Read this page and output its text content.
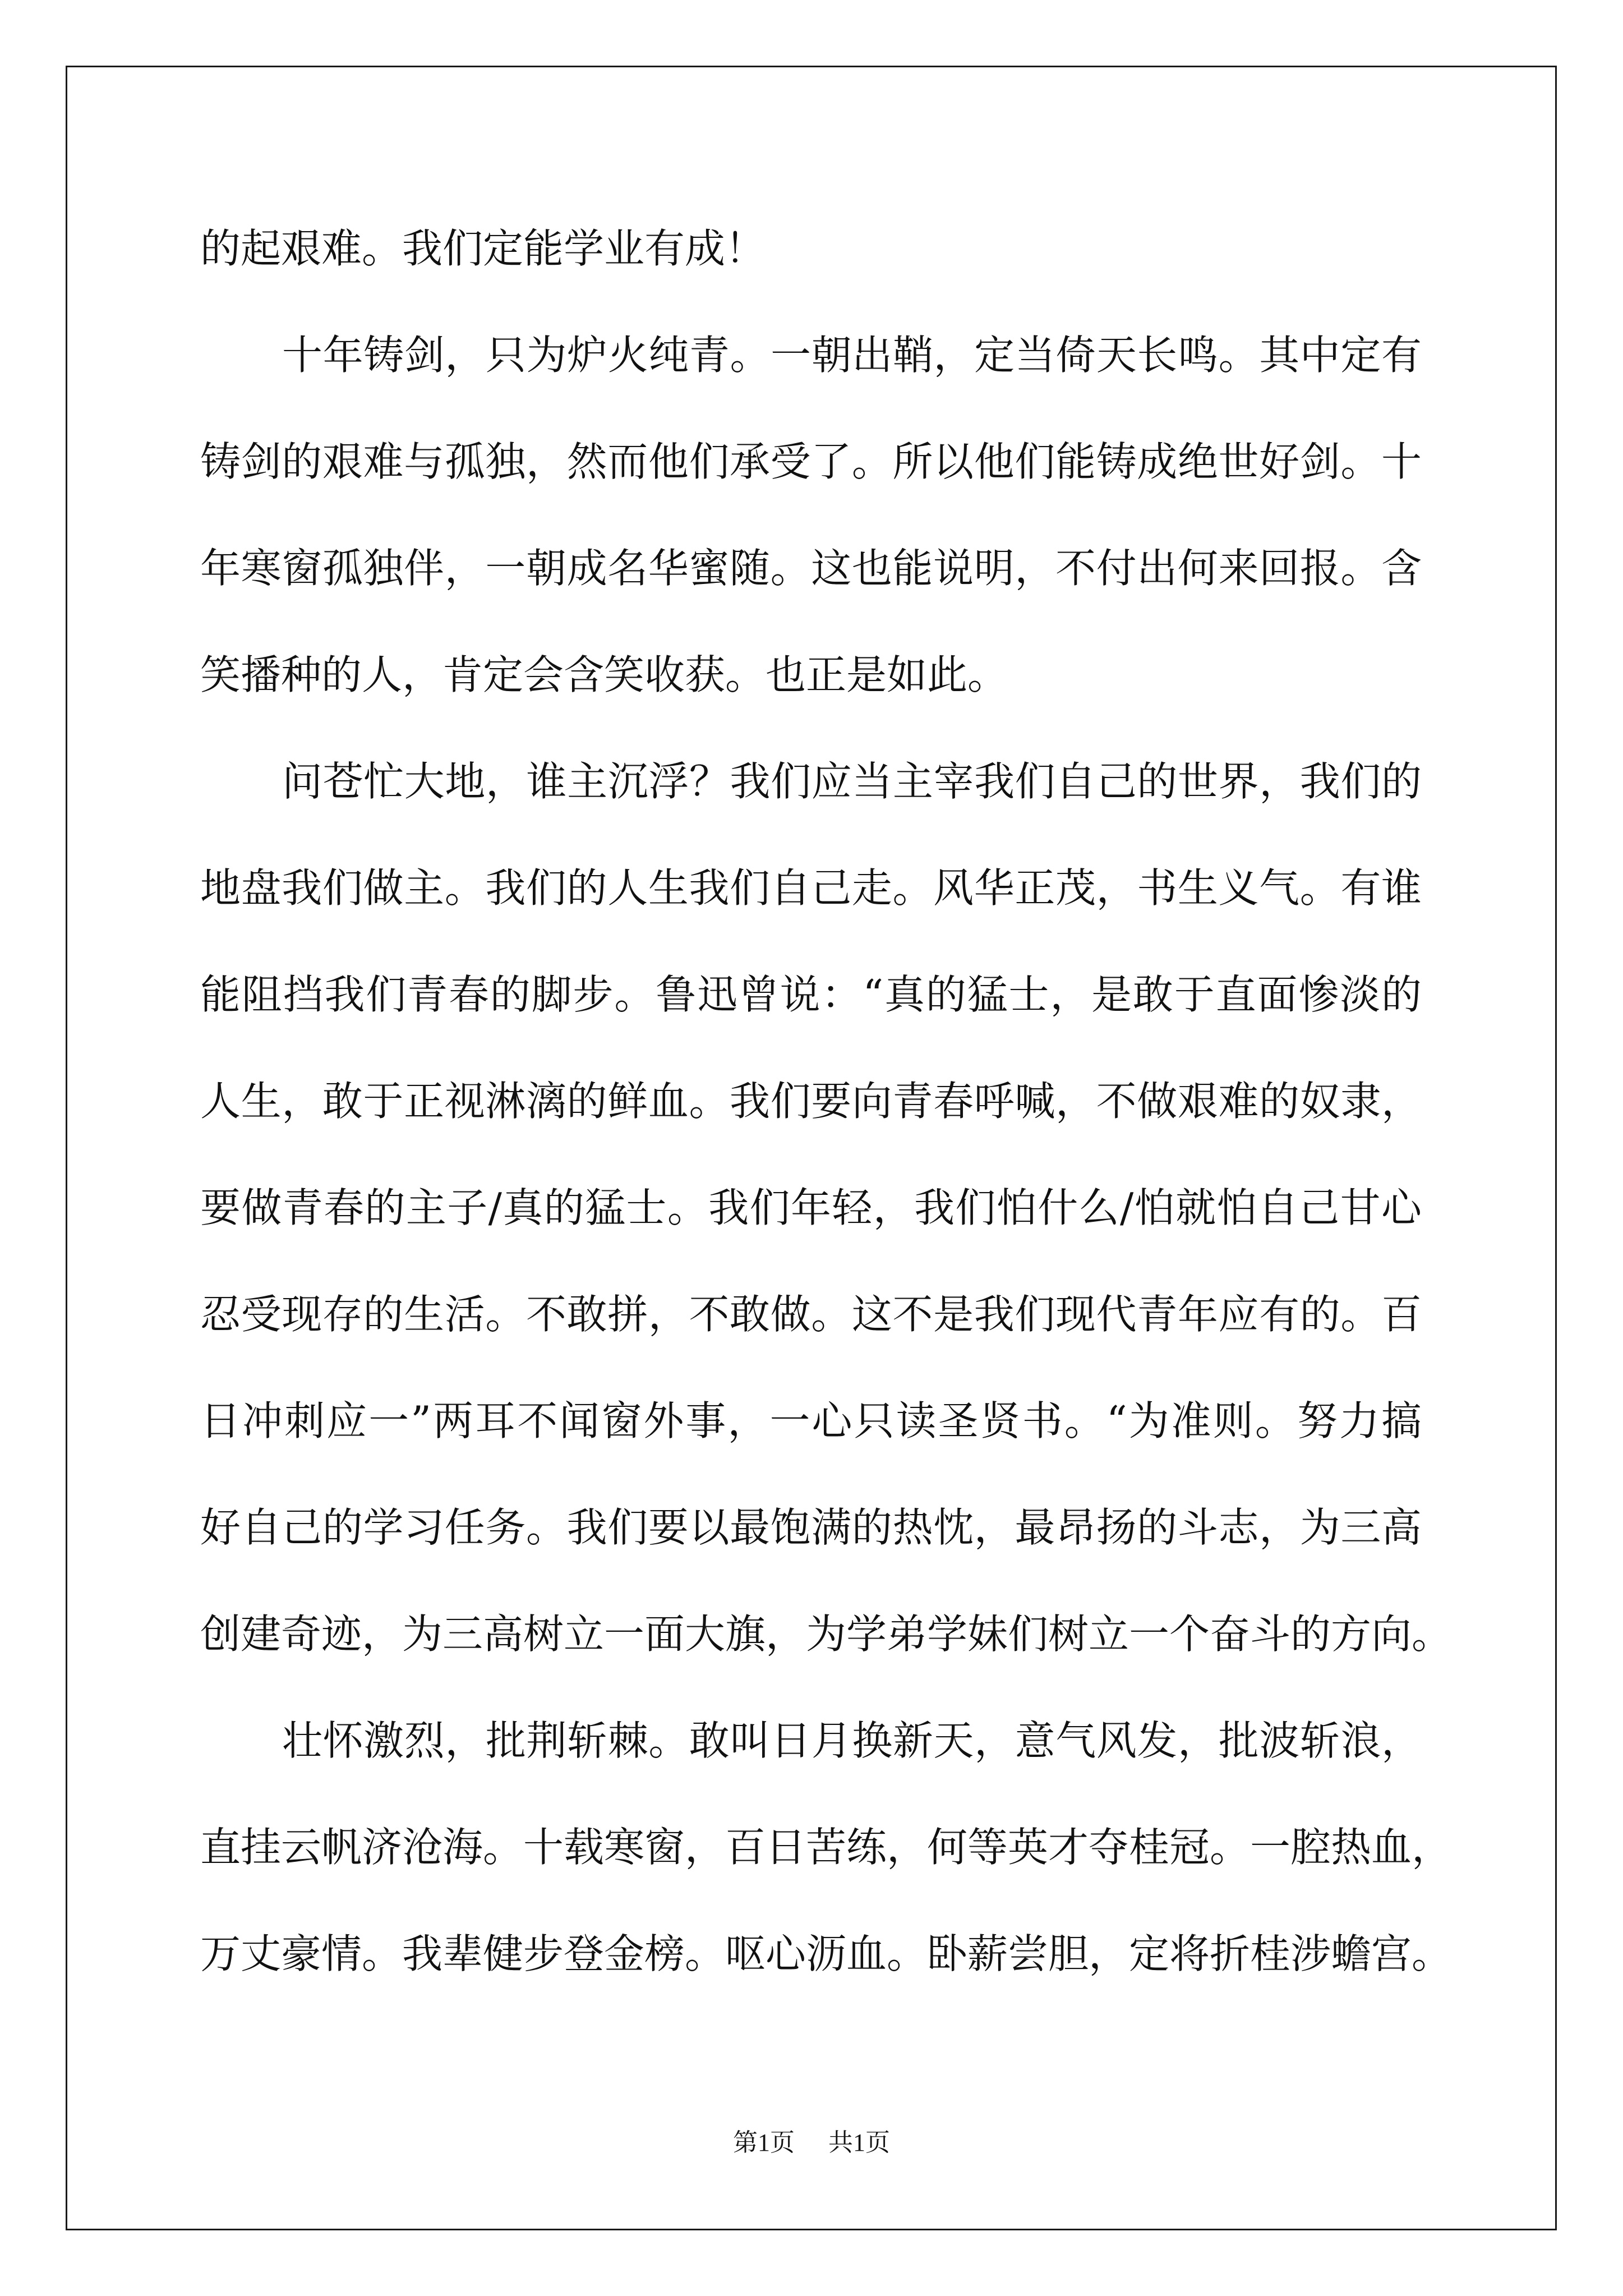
的起艰难。我们定能学业有成！
十年铸剑，只为炉火纯青。一朝出鞘，定当倚天长鸣。其中定有
铸剑的艰难与孤独，然而他们承受了。所以他们能铸成绝世好剑。十
年寒窗孤独伴，一朝成名华蜜随。这也能说明，不付出何来回报。含
笑播种的人，肯定会含笑收获。也正是如此。
问苍忙大地，谁主沉浮？我们应当主宰我们自己的世界，我们的
地盘我们做主。我们的人生我们自己走。风华正茂，书生义气。有谁
能阻挡我们青春的脚步。鲁迅曾说：“真的猛士，是敢于直面惨淡的
人生，敢于正视淋漓的鲜血。我们要向青春呼喊，不做艰难的奴隶，
要做青春的主子/真的猛士。我们年轻，我们怕什么/怕就怕自己甘心
忍受现存的生活。不敢拼，不敢做。这不是我们现代青年应有的。百
日冲刺应一”两耳不闻窗外事，一心只读圣贤书。“为准则。努力搞
好自己的学习任务。我们要以最饱满的热忱，最昂扬的斗志，为三高
创建奇迹，为三高树立一面大旗，为学弟学妹们树立一个奋斗的方向。
壮怀激烈，批荆斩棘。敢叫日月换新天，意气风发，批波斩浪，
直挂云帆济沧海。十载寒窗，百日苦练，何等英才夺桂冠。一腔热血，
万丈豪情。我辈健步登金榜。呕心沥血。卧薪尝胆，定将折桂涉蟾宫。
第1页 共1页
